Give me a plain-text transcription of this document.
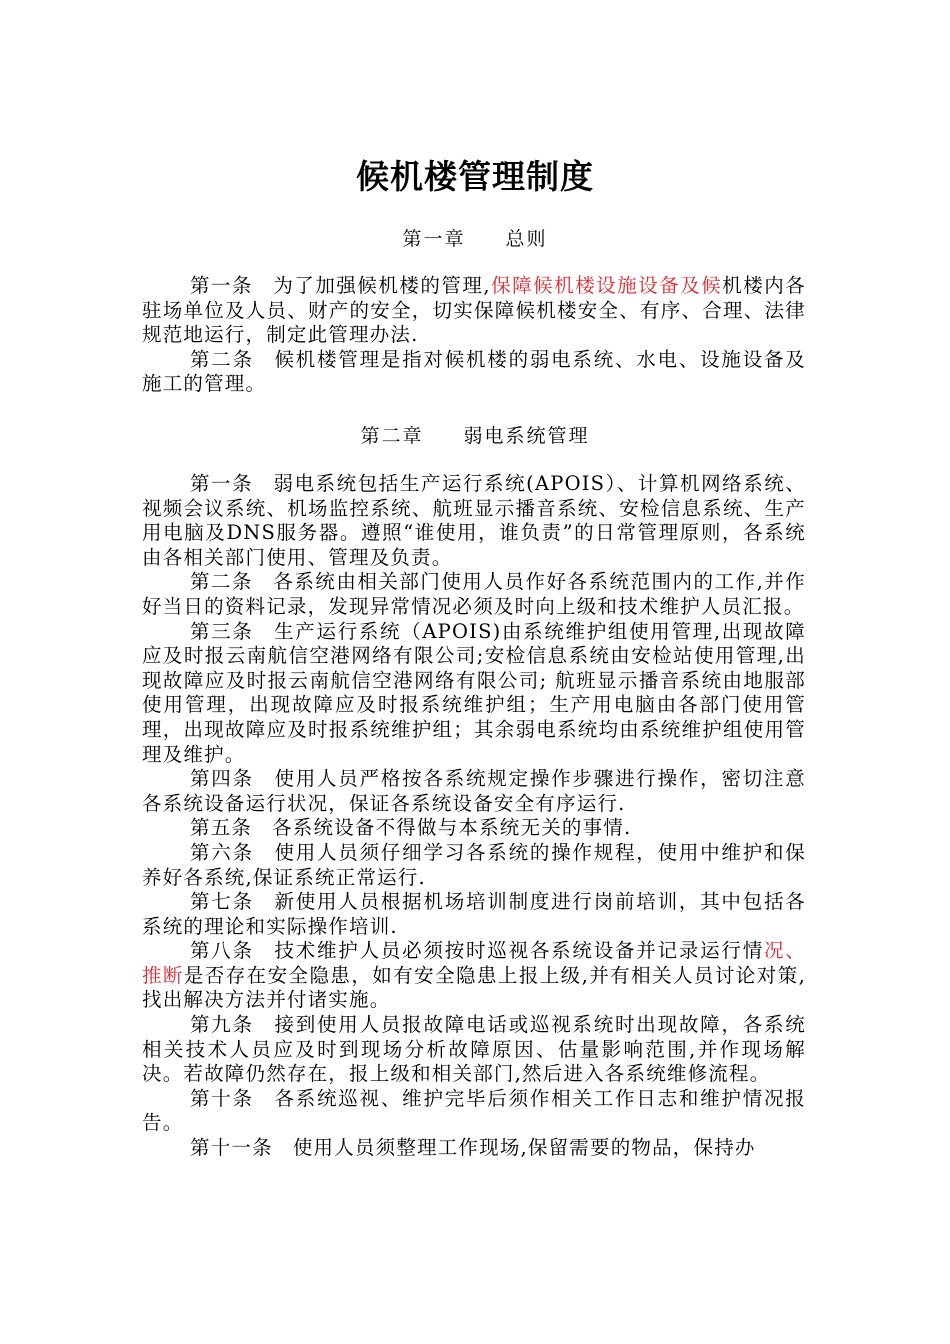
候机楼管理制度
第一章 总则

第一条 为了加强候机楼的管理,保障候机楼设施设备及候机楼内各驻场单位及人员、财产的安全，切实保障候机楼安全、有序、合理、法律规范地运行，制定此管理办法.

第二条 候机楼管理是指对候机楼的弱电系统、水电、设施设备及施工的管理。

第二章 弱电系统管理

第一条 弱电系统包括生产运行系统(APOIS）、计算机网络系统、视频会议系统、机场监控系统、航班显示播音系统、安检信息系统、生产用电脑及DNS服务器。遵照“谁使用，谁负责”的日常管理原则，各系统由各相关部门使用、管理及负责。

第二条 各系统由相关部门使用人员作好各系统范围内的工作,并作好当日的资料记录，发现异常情况必须及时向上级和技术维护人员汇报。

第三条 生产运行系统（APOIS)由系统维护组使用管理,出现故障应及时报云南航信空港网络有限公司;安检信息系统由安检站使用管理,出现故障应及时报云南航信空港网络有限公司; 航班显示播音系统由地服部使用管理，出现故障应及时报系统维护组；生产用电脑由各部门使用管理，出现故障应及时报系统维护组；其余弱电系统均由系统维护组使用管理及维护。

第四条 使用人员严格按各系统规定操作步骤进行操作，密切注意各系统设备运行状况，保证各系统设备安全有序运行.

第五条 各系统设备不得做与本系统无关的事情.

第六条 使用人员须仔细学习各系统的操作规程，使用中维护和保养好各系统,保证系统正常运行.

第七条 新使用人员根据机场培训制度进行岗前培训，其中包括各系统的理论和实际操作培训.

第八条 技术维护人员必须按时巡视各系统设备并记录运行情况、推断是否存在安全隐患，如有安全隐患上报上级,并有相关人员讨论对策,找出解决方法并付诸实施。

第九条 接到使用人员报故障电话或巡视系统时出现故障，各系统相关技术人员应及时到现场分析故障原因、估量影响范围,并作现场解决。若故障仍然存在，报上级和相关部门,然后进入各系统维修流程。

第十条 各系统巡视、维护完毕后须作相关工作日志和维护情况报告。

第十一条 使用人员须整理工作现场,保留需要的物品，保持办
